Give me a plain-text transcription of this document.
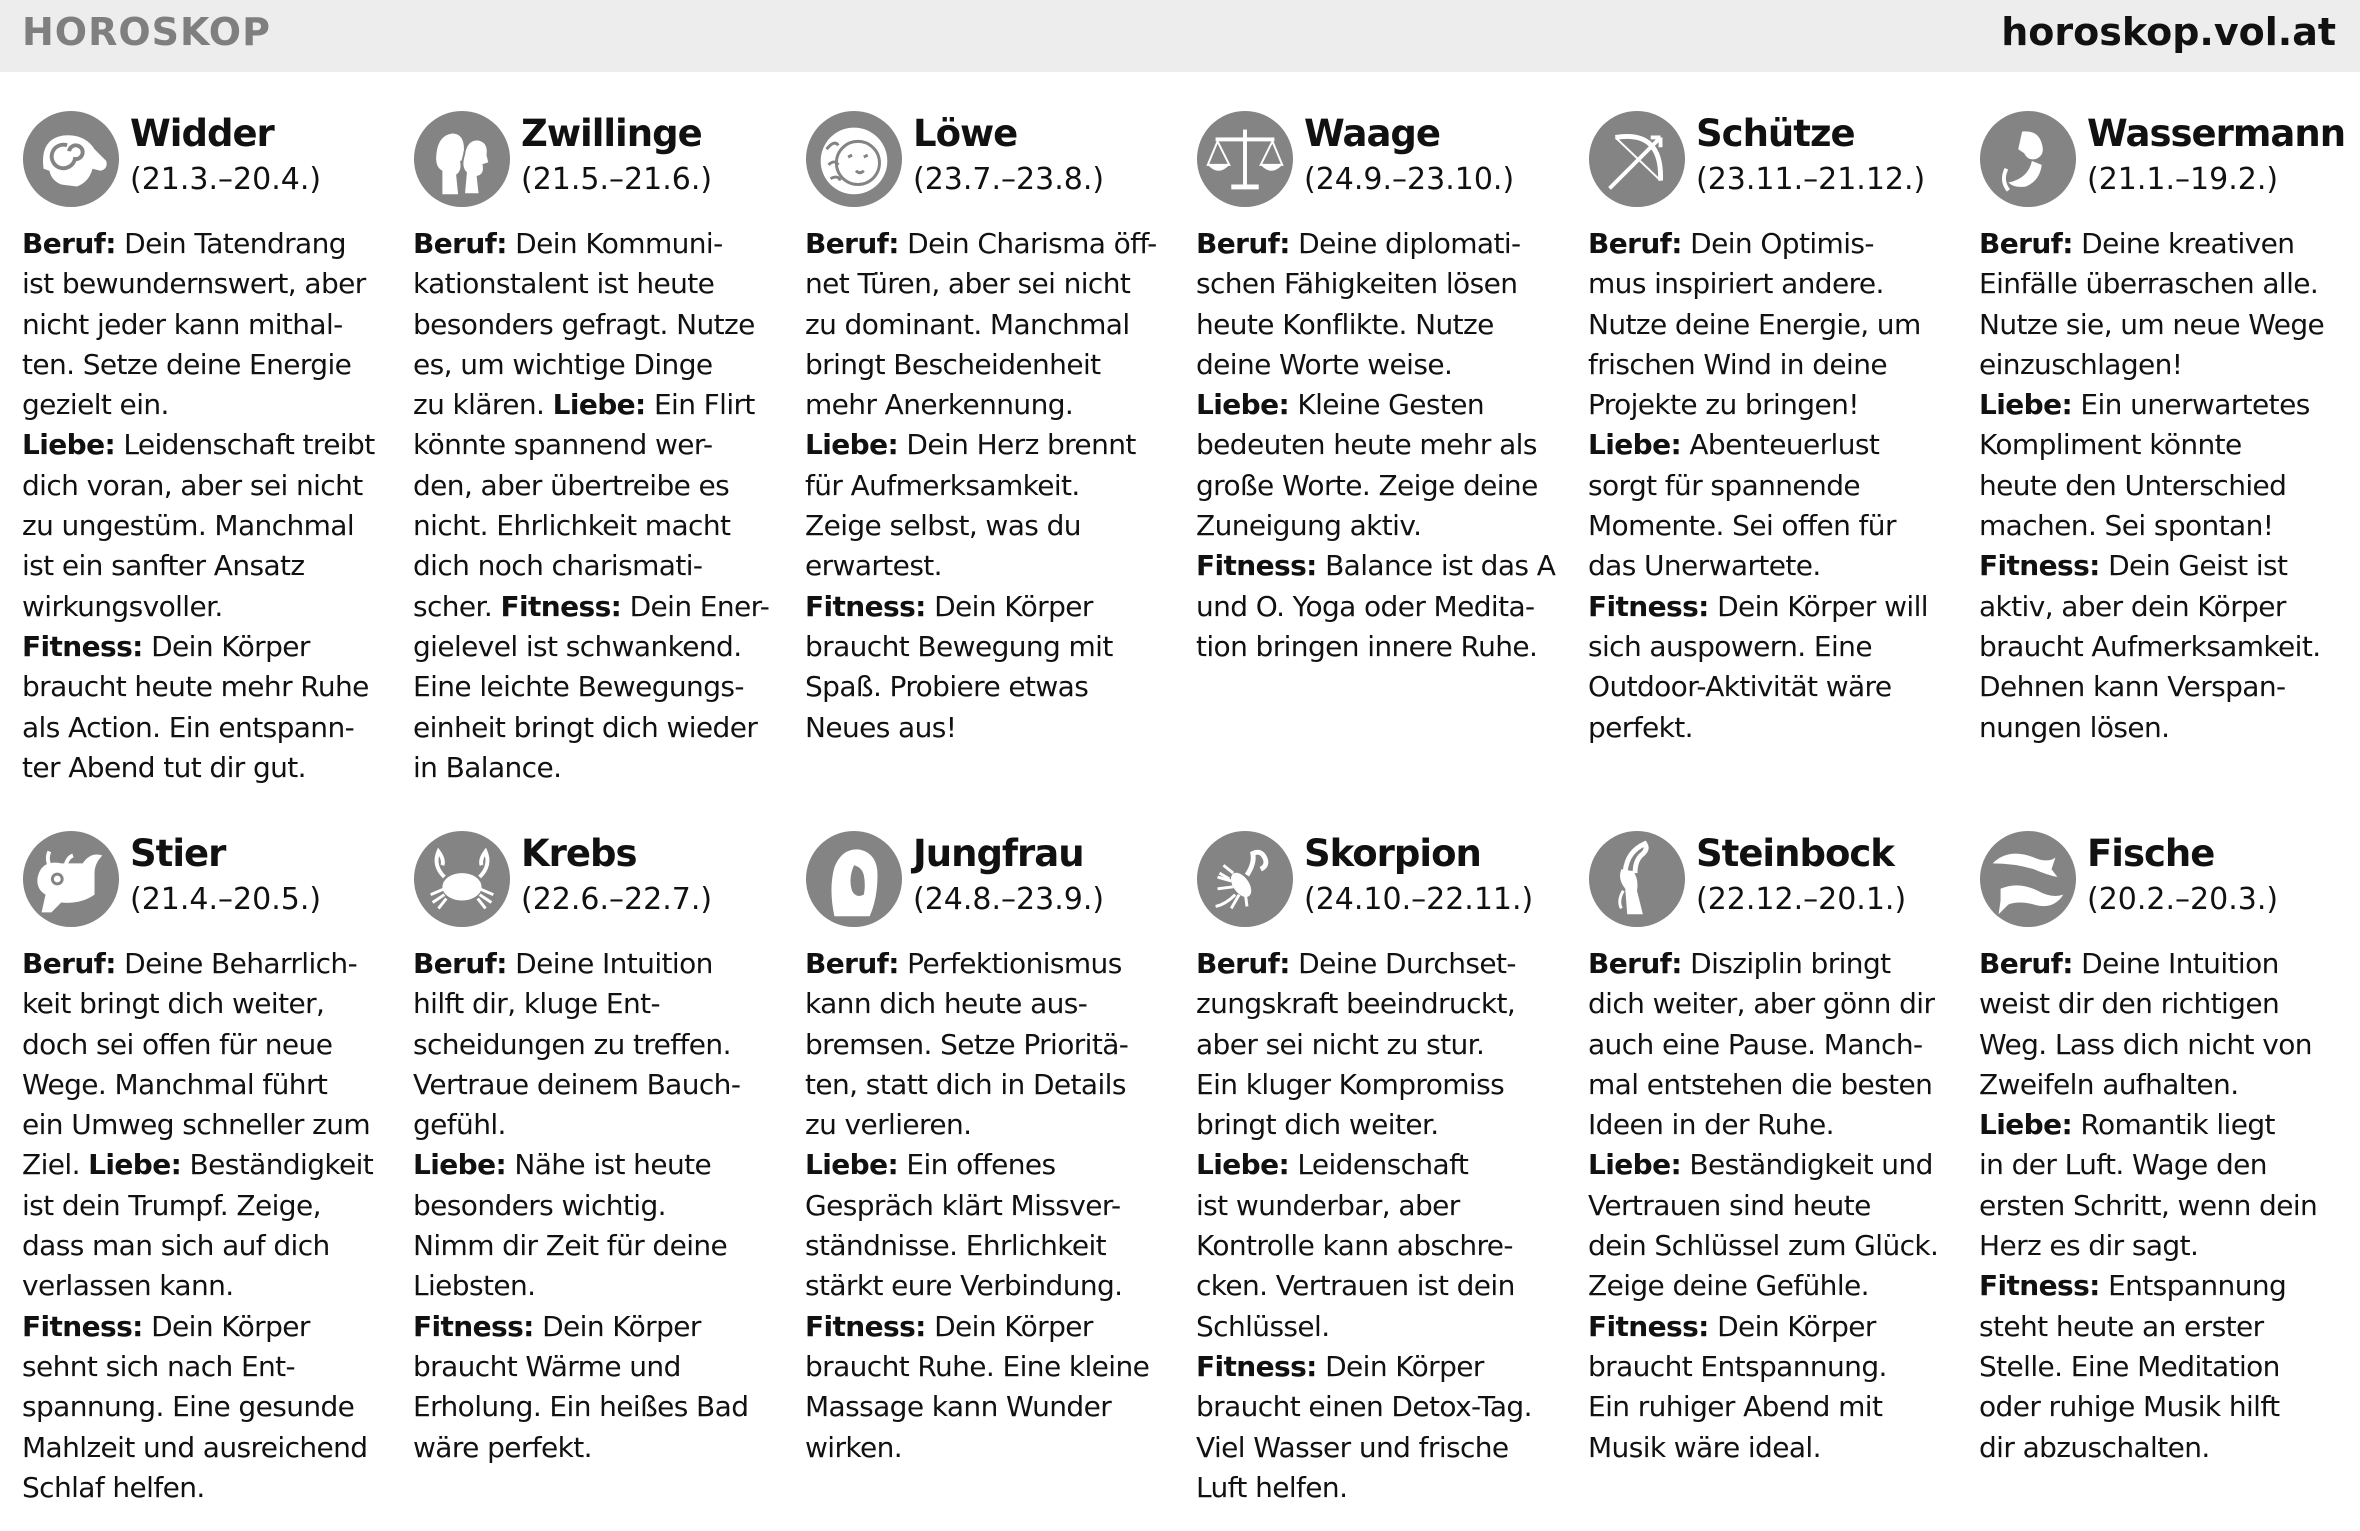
HOROSKOP	horoskop.vol.at
Widder
(21.3.–20.4.)
Beruf: Dein Tatendrang
ist bewundernswert, aber
nicht jeder kann mithal-
ten. Setze deine Energie
gezielt ein.
Liebe: Leidenschaft treibt
dich voran, aber sei nicht
zu ungestüm. Manchmal
ist ein sanfter Ansatz
wirkungsvoller.
Fitness: Dein Körper
braucht heute mehr Ruhe
als Action. Ein entspann-
ter Abend tut dir gut.
Zwillinge
(21.5.–21.6.)
Beruf: Dein Kommuni-
kationstalent ist heute
besonders gefragt. Nutze
es, um wichtige Dinge
zu klären. Liebe: Ein Flirt
könnte spannend wer-
den, aber übertreibe es
nicht. Ehrlichkeit macht
dich noch charismati-
scher. Fitness: Dein Ener-
gielevel ist schwankend.
Eine leichte Bewegungs-
einheit bringt dich wieder
in Balance.
Löwe
(23.7.–23.8.)
Beruf: Dein Charisma öff-
net Türen, aber sei nicht
zu dominant. Manchmal
bringt Bescheidenheit
mehr Anerkennung.
Liebe: Dein Herz brennt
für Aufmerksamkeit.
Zeige selbst, was du
erwartest.
Fitness: Dein Körper
braucht Bewegung mit
Spaß. Probiere etwas
Neues aus!
Waage
(24.9.–23.10.)
Beruf: Deine diplomati-
schen Fähigkeiten lösen
heute Konflikte. Nutze
deine Worte weise.
Liebe: Kleine Gesten
bedeuten heute mehr als
große Worte. Zeige deine
Zuneigung aktiv.
Fitness: Balance ist das A
und O. Yoga oder Medita-
tion bringen innere Ruhe.
Schütze
(23.11.–21.12.)
Beruf: Dein Optimis-
mus inspiriert andere.
Nutze deine Energie, um
frischen Wind in deine
Projekte zu bringen!
Liebe: Abenteuerlust
sorgt für spannende
Momente. Sei offen für
das Unerwartete.
Fitness: Dein Körper will
sich auspowern. Eine
Outdoor-Aktivität wäre
perfekt.
Wassermann
(21.1.–19.2.)
Beruf: Deine kreativen
Einfälle überraschen alle.
Nutze sie, um neue Wege
einzuschlagen!
Liebe: Ein unerwartetes
Kompliment könnte
heute den Unterschied
machen. Sei spontan!
Fitness: Dein Geist ist
aktiv, aber dein Körper
braucht Aufmerksamkeit.
Dehnen kann Verspan-
nungen lösen.
Stier
(21.4.–20.5.)
Beruf: Deine Beharrlich-
keit bringt dich weiter,
doch sei offen für neue
Wege. Manchmal führt
ein Umweg schneller zum
Ziel. Liebe: Beständigkeit
ist dein Trumpf. Zeige,
dass man sich auf dich
verlassen kann.
Fitness: Dein Körper
sehnt sich nach Ent-
spannung. Eine gesunde
Mahlzeit und ausreichend
Schlaf helfen.
Krebs
(22.6.–22.7.)
Beruf: Deine Intuition
hilft dir, kluge Ent-
scheidungen zu treffen.
Vertraue deinem Bauch-
gefühl.
Liebe: Nähe ist heute
besonders wichtig.
Nimm dir Zeit für deine
Liebsten.
Fitness: Dein Körper
braucht Wärme und
Erholung. Ein heißes Bad
wäre perfekt.
Jungfrau
(24.8.–23.9.)
Beruf: Perfektionismus
kann dich heute aus-
bremsen. Setze Prioritä-
ten, statt dich in Details
zu verlieren.
Liebe: Ein offenes
Gespräch klärt Missver-
ständnisse. Ehrlichkeit
stärkt eure Verbindung.
Fitness: Dein Körper
braucht Ruhe. Eine kleine
Massage kann Wunder
wirken.
Skorpion
(24.10.–22.11.)
Beruf: Deine Durchset-
zungskraft beeindruckt,
aber sei nicht zu stur.
Ein kluger Kompromiss
bringt dich weiter.
Liebe: Leidenschaft
ist wunderbar, aber
Kontrolle kann abschre-
cken. Vertrauen ist dein
Schlüssel.
Fitness: Dein Körper
braucht einen Detox-Tag.
Viel Wasser und frische
Luft helfen.
Steinbock
(22.12.–20.1.)
Beruf: Disziplin bringt
dich weiter, aber gönn dir
auch eine Pause. Manch-
mal entstehen die besten
Ideen in der Ruhe.
Liebe: Beständigkeit und
Vertrauen sind heute
dein Schlüssel zum Glück.
Zeige deine Gefühle.
Fitness: Dein Körper
braucht Entspannung.
Ein ruhiger Abend mit
Musik wäre ideal.
Fische
(20.2.–20.3.)
Beruf: Deine Intuition
weist dir den richtigen
Weg. Lass dich nicht von
Zweifeln aufhalten.
Liebe: Romantik liegt
in der Luft. Wage den
ersten Schritt, wenn dein
Herz es dir sagt.
Fitness: Entspannung
steht heute an erster
Stelle. Eine Meditation
oder ruhige Musik hilft
dir abzuschalten.
